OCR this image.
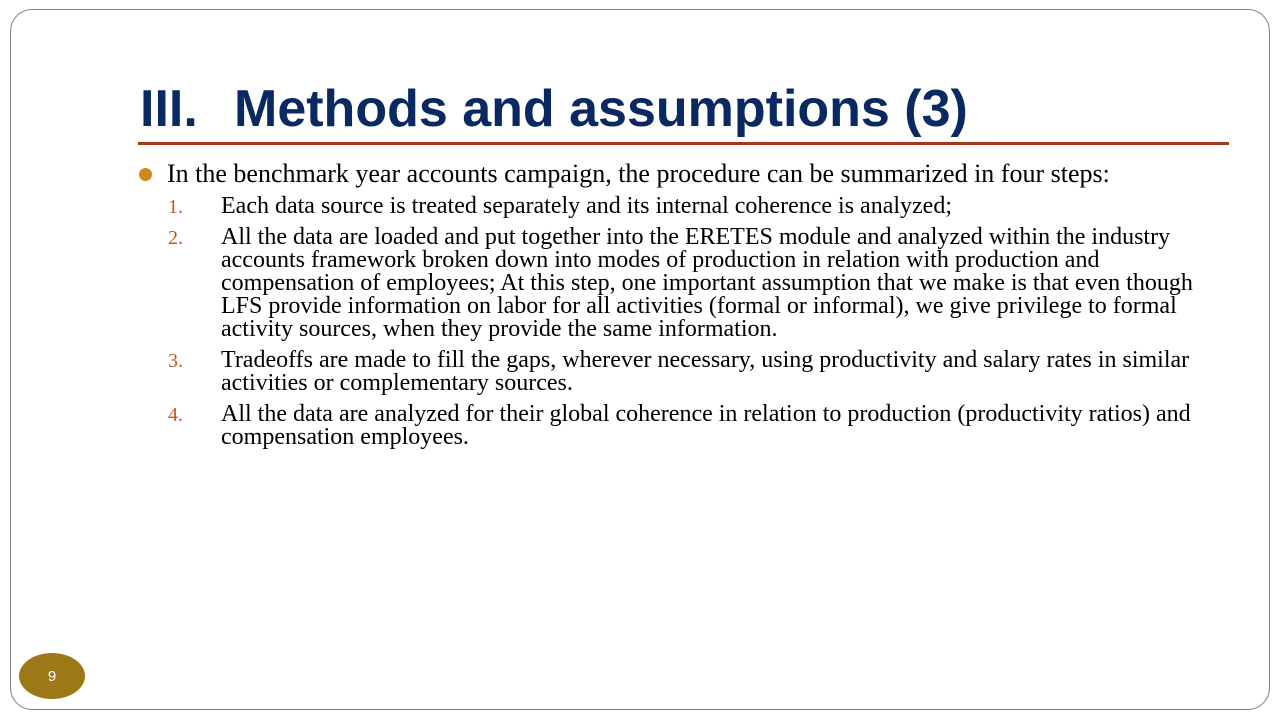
III. Methods and assumptions (3)
In the benchmark year accounts campaign, the procedure can be summarized in four steps:
1. Each data source is treated separately and its internal coherence is analyzed;
2. All the data are loaded and put together into the ERETES module and analyzed within the industry accounts framework broken down into modes of production in relation with production and compensation of employees; At this step, one important assumption that we make is that even though LFS provide information on labor for all activities (formal or informal), we give privilege to formal activity sources, when they provide the same information.
3. Tradeoffs are made to fill the gaps, wherever necessary, using productivity and salary rates in similar activities or complementary sources.
4. All the data are analyzed for their global coherence in relation to production (productivity ratios) and compensation employees.
9
